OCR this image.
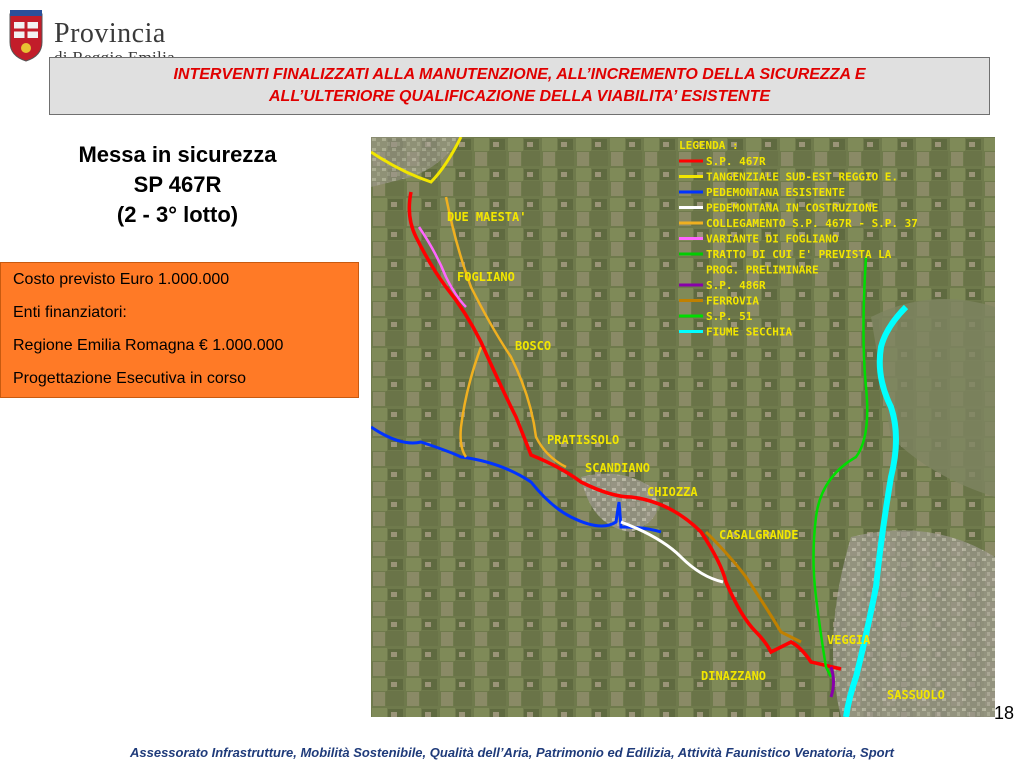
Provincia
INTERVENTI FINALIZZATI ALLA MANUTENZIONE, ALL’INCREMENTO DELLA SICUREZZA E
ALL’ULTERIORE QUALIFICAZIONE DELLA VIABILITA’ ESISTENTE
Messa in sicurezza
SP 467R
(2 - 3° lotto)
Costo previsto Euro 1.000.000
Enti finanziatori:
Regione Emilia Romagna € 1.000.000
Progettazione Esecutiva in corso
LEGENDA :
S.P. 467R
TANGENZIALE SUD-EST REGGIO E.
PEDEMONTANA ESISTENTE
PEDEMONTANA IN COSTRUZIONE
COLLEGAMENTO S.P. 467R - S.P. 37
VARIANTE DI FOGLIANO
TRATTO DI CUI E' PREVISTA LA
PROG. PRELIMINARE
S.P. 486R
FERROVIA
S.P. 51
FIUME SECCHIA
DUE MAESTA'
FOGLIANO
BOSCO
PRATISSOLO
SCANDIANO
CHIOZZA
CASALGRANDE
VEGGIA
DINAZZANO
SASSUOLO
18
Assessorato Infrastrutture, Mobilità Sostenibile, Qualità dell’Aria, Patrimonio ed Edilizia, Attività Faunistico Venatoria, Sport
